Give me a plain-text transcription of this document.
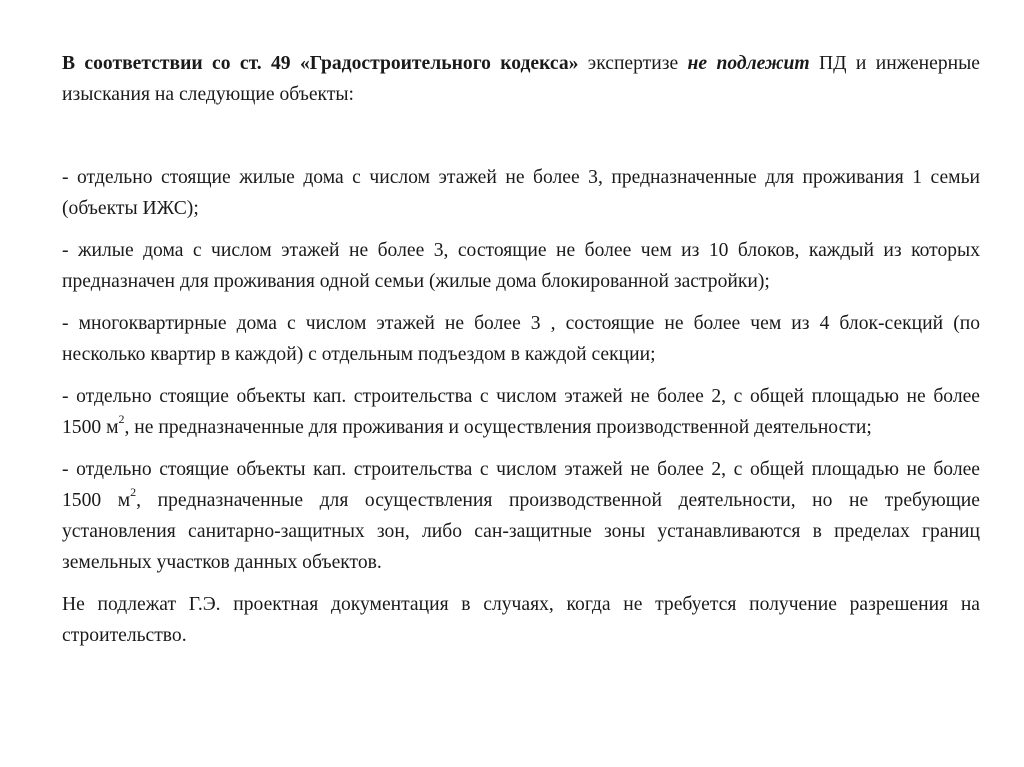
В соответствии со ст. 49 «Градостроительного кодекса» экспертизе не подлежит ПД и инженерные изыскания на следующие объекты:

- отдельно стоящие жилые дома с числом этажей не более 3, предназначенные для проживания 1 семьи (объекты ИЖС);

- жилые дома с числом этажей не более 3, состоящие не более чем из 10 блоков, каждый из которых предназначен для проживания одной семьи (жилые дома блокированной застройки);

- многоквартирные дома с числом этажей не более 3 , состоящие не более чем из 4 блок-секций (по несколько квартир в каждой) с отдельным подъездом в каждой секции;

- отдельно стоящие объекты кап. строительства с числом этажей не более 2, с общей площадью не более 1500 $м^2$, не предназначенные для проживания и осуществления производственной деятельности;

- отдельно стоящие объекты кап. строительства с числом этажей не более 2, с общей площадью не более 1500 $м^2$, предназначенные для осуществления производственной деятельности, но не требующие установления санитарно-защитных зон, либо сан-защитные зоны устанавливаются в пределах границ земельных участков данных объектов.

Не подлежат Г.Э. проектная документация в случаях, когда не требуется получение разрешения на строительство.
